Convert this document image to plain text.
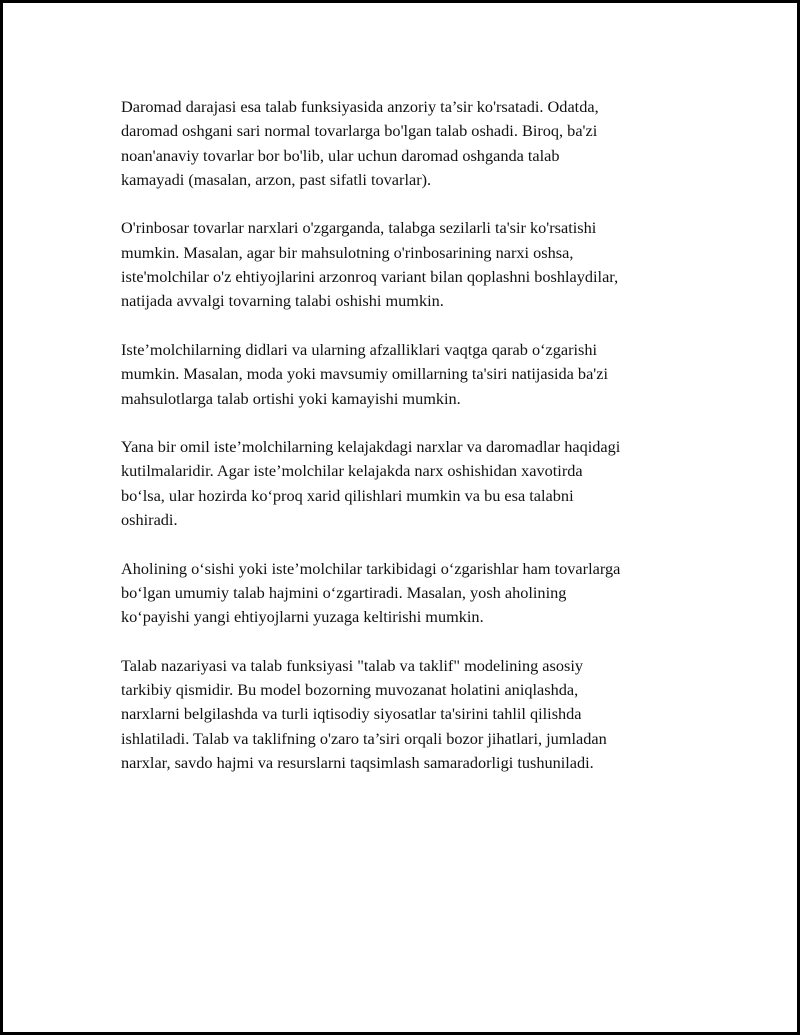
Daromad darajasi esa talab funksiyasida anzoriy ta’sir ko'rsatadi. Odatda,
daromad oshgani sari normal tovarlarga bo'lgan talab oshadi. Biroq, ba'zi
noan'anaviy tovarlar bor bo'lib, ular uchun daromad oshganda talab
kamayadi (masalan, arzon, past sifatli tovarlar).

O'rinbosar tovarlar narxlari o'zgarganda, talabga sezilarli ta'sir ko'rsatishi
mumkin. Masalan, agar bir mahsulotning o'rinbosarining narxi oshsa,
iste'molchilar o'z ehtiyojlarini arzonroq variant bilan qoplashni boshlaydilar,
natijada avvalgi tovarning talabi oshishi mumkin.

Iste’molchilarning didlari va ularning afzalliklari vaqtga qarab o‘zgarishi
mumkin. Masalan, moda yoki mavsumiy omillarning ta'siri natijasida ba'zi
mahsulotlarga talab ortishi yoki kamayishi mumkin.

Yana bir omil iste’molchilarning kelajakdagi narxlar va daromadlar haqidagi
kutilmalaridir. Agar iste’molchilar kelajakda narx oshishidan xavotirda
bo‘lsa, ular hozirda ko‘proq xarid qilishlari mumkin va bu esa talabni
oshiradi.

Aholining o‘sishi yoki iste’molchilar tarkibidagi o‘zgarishlar ham tovarlarga
bo‘lgan umumiy talab hajmini o‘zgartiradi. Masalan, yosh aholining
ko‘payishi yangi ehtiyojlarni yuzaga keltirishi mumkin.

Talab nazariyasi va talab funksiyasi "talab va taklif" modelining asosiy
tarkibiy qismidir. Bu model bozorning muvozanat holatini aniqlashda,
narxlarni belgilashda va turli iqtisodiy siyosatlar ta'sirini tahlil qilishda
ishlatiladi. Talab va taklifning o'zaro ta’siri orqali bozor jihatlari, jumladan
narxlar, savdo hajmi va resurslarni taqsimlash samaradorligi tushuniladi.
